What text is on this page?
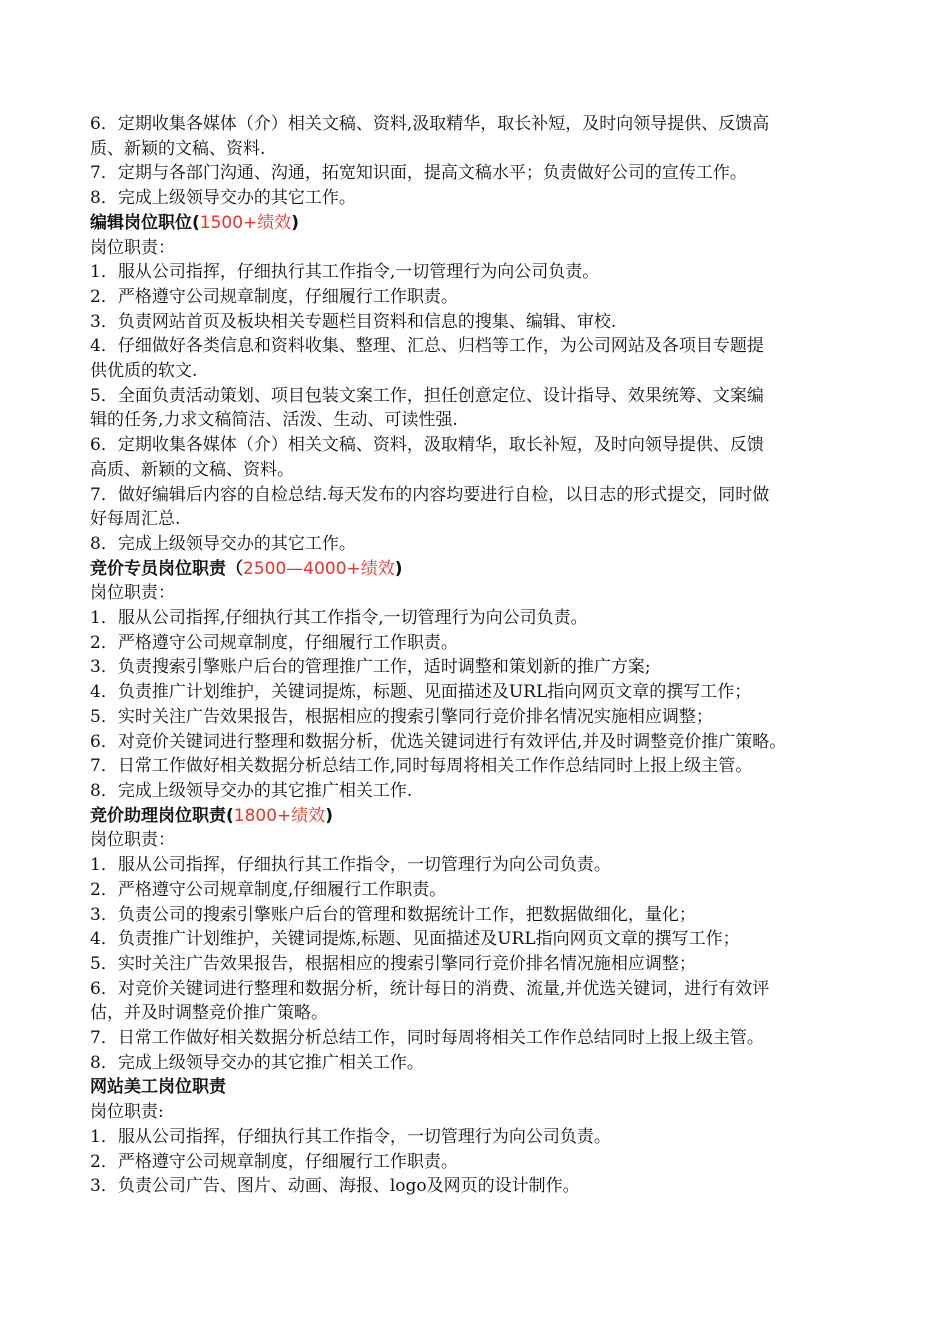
6．定期收集各媒体（介）相关文稿、资料,汲取精华，取长补短，及时向领导提供、反馈高
质、新颖的文稿、资料.
7．定期与各部门沟通、沟通，拓宽知识面，提高文稿水平；负责做好公司的宣传工作。
8．完成上级领导交办的其它工作。
编辑岗位职位(1500+绩效)
岗位职责：
1．服从公司指挥，仔细执行其工作指令,一切管理行为向公司负责。
2．严格遵守公司规章制度，仔细履行工作职责。
3．负责网站首页及板块相关专题栏目资料和信息的搜集、编辑、审校.
4．仔细做好各类信息和资料收集、整理、汇总、归档等工作，为公司网站及各项目专题提
供优质的软文.
5．全面负责活动策划、项目包装文案工作，担任创意定位、设计指导、效果统筹、文案编
辑的任务,力求文稿简洁、活泼、生动、可读性强.
6．定期收集各媒体（介）相关文稿、资料，汲取精华，取长补短，及时向领导提供、反馈
高质、新颖的文稿、资料。
7．做好编辑后内容的自检总结.每天发布的内容均要进行自检，以日志的形式提交，同时做
好每周汇总.
8．完成上级领导交办的其它工作。
竞价专员岗位职责（2500—4000+绩效)
岗位职责：
1．服从公司指挥,仔细执行其工作指令,一切管理行为向公司负责。
2．严格遵守公司规章制度，仔细履行工作职责。
3．负责搜索引擎账户后台的管理推广工作，适时调整和策划新的推广方案;
4．负责推广计划维护，关键词提炼，标题、见面描述及URL指向网页文章的撰写工作；
5．实时关注广告效果报告，根据相应的搜索引擎同行竞价排名情况实施相应调整；
6．对竞价关键词进行整理和数据分析，优选关键词进行有效评估,并及时调整竞价推广策略。
7．日常工作做好相关数据分析总结工作,同时每周将相关工作作总结同时上报上级主管。
8．完成上级领导交办的其它推广相关工作.
竞价助理岗位职责(1800+绩效)
岗位职责：
1．服从公司指挥，仔细执行其工作指令，一切管理行为向公司负责。
2．严格遵守公司规章制度,仔细履行工作职责。
3．负责公司的搜索引擎账户后台的管理和数据统计工作，把数据做细化，量化；
4．负责推广计划维护，关键词提炼,标题、见面描述及URL指向网页文章的撰写工作；
5．实时关注广告效果报告，根据相应的搜索引擎同行竞价排名情况施相应调整；
6．对竞价关键词进行整理和数据分析，统计每日的消费、流量,并优选关键词，进行有效评
估，并及时调整竞价推广策略。
7．日常工作做好相关数据分析总结工作，同时每周将相关工作作总结同时上报上级主管。
8．完成上级领导交办的其它推广相关工作。
网站美工岗位职责
岗位职责:
1．服从公司指挥，仔细执行其工作指令，一切管理行为向公司负责。
2．严格遵守公司规章制度，仔细履行工作职责。
3．负责公司广告、图片、动画、海报、logo及网页的设计制作。
